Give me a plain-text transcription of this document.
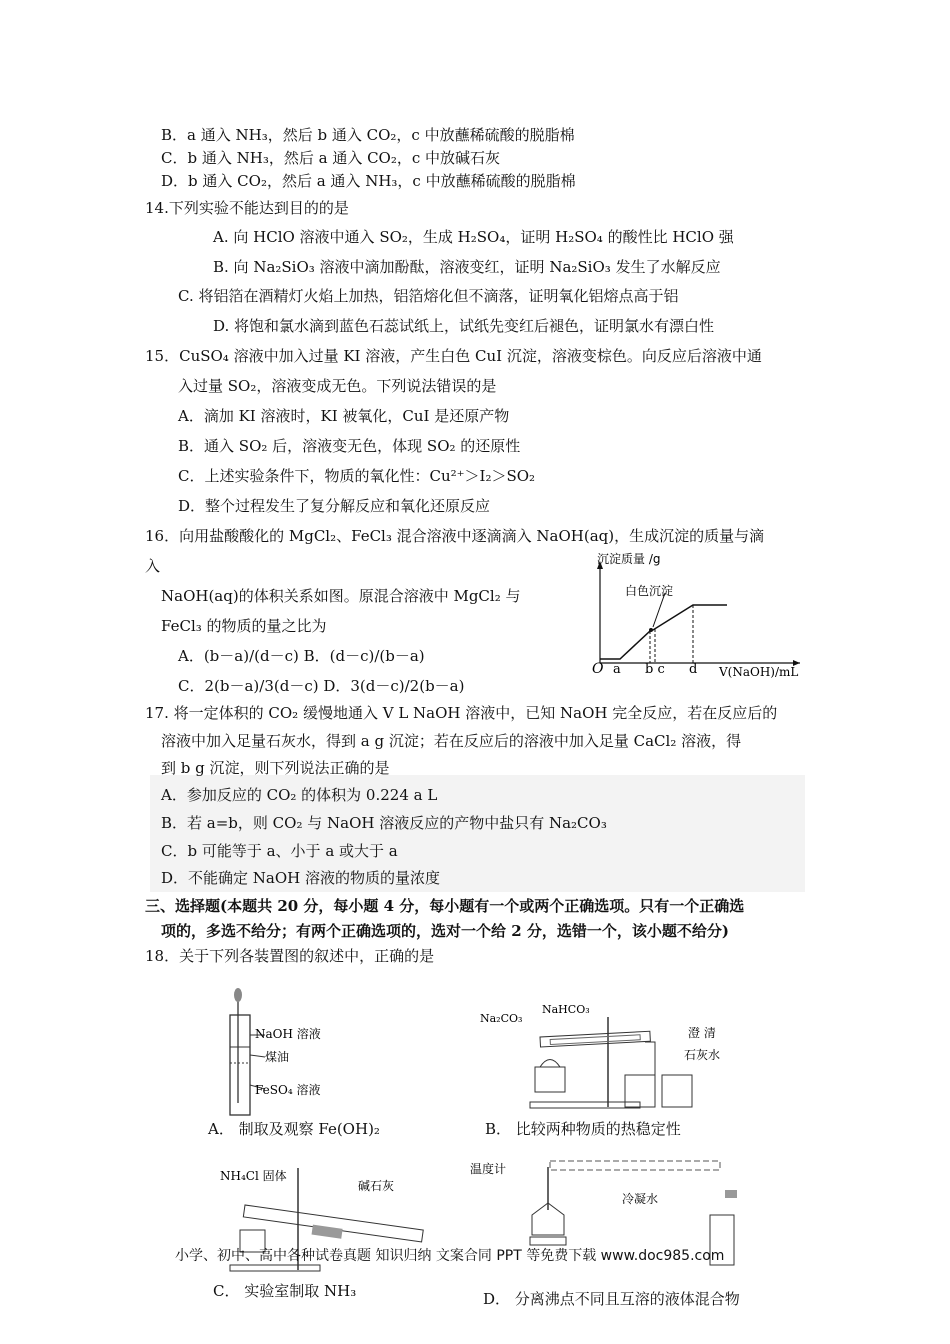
B．a 通入 NH₃，然后 b 通入 CO₂，c 中放蘸稀硫酸的脱脂棉
C．b 通入 NH₃，然后 a 通入 CO₂，c 中放碱石灰
D．b 通入 CO₂，然后 a 通入 NH₃，c 中放蘸稀硫酸的脱脂棉
14.下列实验不能达到目的的是
A. 向 HClO 溶液中通入 SO₂，生成 H₂SO₄，证明 H₂SO₄ 的酸性比 HClO 强
B. 向 Na₂SiO₃ 溶液中滴加酚酞，溶液变红，证明 Na₂SiO₃ 发生了水解反应
C. 将铝箔在酒精灯火焰上加热，铝箔熔化但不滴落，证明氧化铝熔点高于铝
D. 将饱和氯水滴到蓝色石蕊试纸上，试纸先变红后褪色，证明氯水有漂白性
15．CuSO₄ 溶液中加入过量 KI 溶液，产生白色 CuI 沉淀，溶液变棕色。向反应后溶液中通
入过量 SO₂，溶液变成无色。下列说法错误的是
A．滴加 KI 溶液时，KI 被氧化，CuI 是还原产物
B．通入 SO₂ 后，溶液变无色，体现 SO₂ 的还原性
C．上述实验条件下，物质的氧化性：Cu²⁺＞I₂＞SO₂
D．整个过程发生了复分解反应和氧化还原反应
16．向用盐酸酸化的 MgCl₂、FeCl₃ 混合溶液中逐滴滴入 NaOH(aq)，生成沉淀的质量与滴
入
NaOH(aq)的体积关系如图。原混合溶液中 MgCl₂ 与
FeCl₃ 的物质的量之比为
A．(b－a)/(d－c) B．(d－c)/(b－a)
C．2(b－a)/3(d－c) D．3(d－c)/2(b－a)
沉淀质量 /g
白色沉淀
O a b c d V(NaOH)/mL
17. 将一定体积的 CO₂ 缓慢地通入 V L NaOH 溶液中，已知 NaOH 完全反应，若在反应后的
溶液中加入足量石灰水，得到 a g 沉淀；若在反应后的溶液中加入足量 CaCl₂ 溶液，得
到 b g 沉淀，则下列说法正确的是
A．参加反应的 CO₂ 的体积为 0.224 a L
B．若 a=b，则 CO₂ 与 NaOH 溶液反应的产物中盐只有 Na₂CO₃
C．b 可能等于 a、小于 a 或大于 a
D．不能确定 NaOH 溶液的物质的量浓度
三、选择题(本题共 20 分，每小题 4 分，每小题有一个或两个正确选项。只有一个正确选
项的，多选不给分；有两个正确选项的，选对一个给 2 分，选错一个，该小题不给分)
18．关于下列各装置图的叙述中，正确的是
NaOH 溶液
煤油
FeSO₄ 溶液
A． 制取及观察 Fe(OH)₂
Na₂CO₃
NaHCO₃
澄 清
石灰水
B． 比较两种物质的热稳定性
NH₄Cl 固体
碱石灰
C． 实验室制取 NH₃
温度计
冷凝水
D． 分离沸点不同且互溶的液体混合物
小学、初中、高中各种试卷真题 知识归纳 文案合同 PPT 等免费下载 www.doc985.com
